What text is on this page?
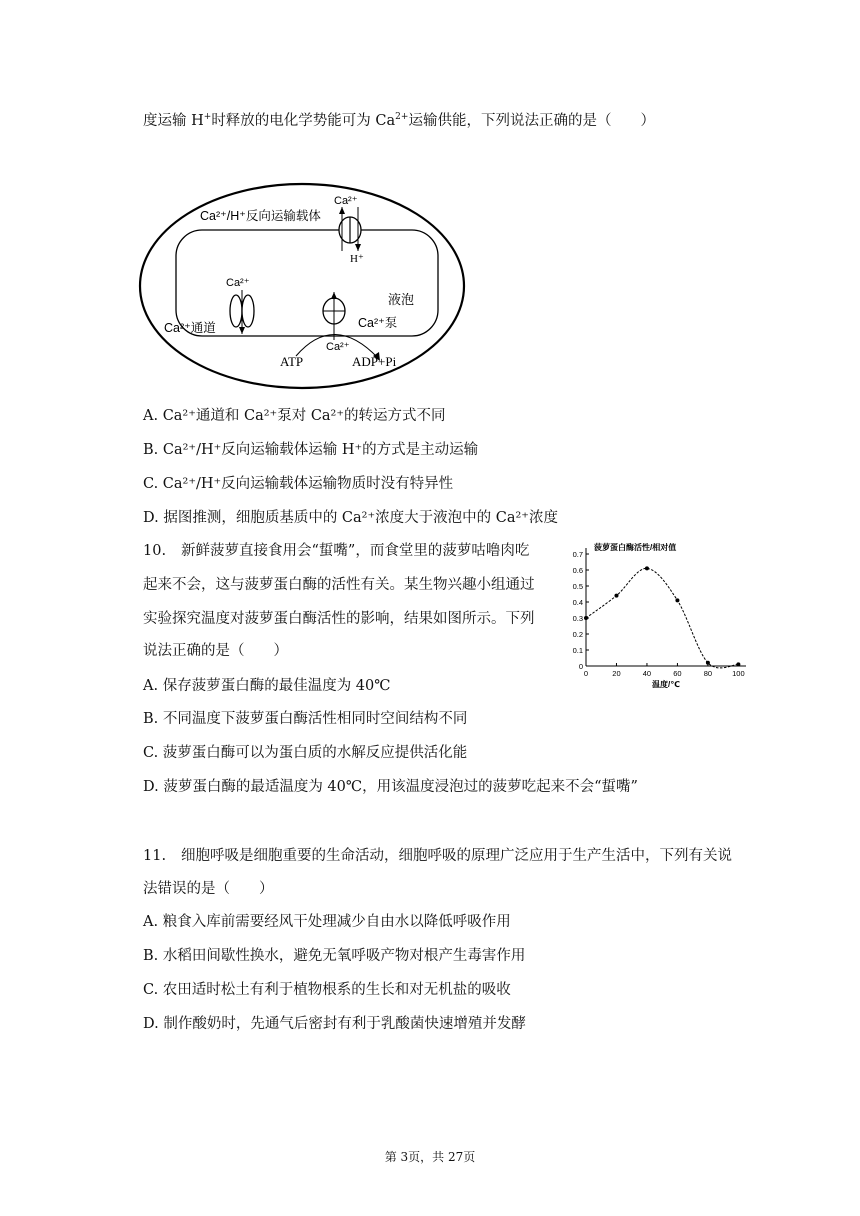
度运输 H+时释放的电化学势能可为 $Ca^{2+}$运输供能，下列说法正确的是（　　）
Ca²⁺
H⁺
Ca²⁺/H⁺反向运输载体
Ca²⁺
Ca²⁺通道
液泡
Ca²⁺泵
Ca²⁺
ATP	ADP+Pi
A. Ca²⁺通道和 Ca²⁺泵对 Ca²⁺的转运方式不同
B. Ca²⁺/H⁺反向运输载体运输 H⁺的方式是主动运输
C. Ca²⁺/H⁺反向运输载体运输物质时没有特异性
D. 据图推测，细胞质基质中的 Ca²⁺浓度大于液泡中的 Ca²⁺浓度
10. 新鲜菠萝直接食用会“蜇嘴”，而食堂里的菠萝咕噜肉吃
起来不会，这与菠萝蛋白酶的活性有关。某生物兴趣小组通过
实验探究温度对菠萝蛋白酶活性的影响，结果如图所示。下列
说法正确的是（　　）
A. 保存菠萝蛋白酶的最佳温度为 40℃
B. 不同温度下菠萝蛋白酶活性相同时空间结构不同
C. 菠萝蛋白酶可以为蛋白质的水解反应提供活化能
D. 菠萝蛋白酶的最适温度为 40℃，用该温度浸泡过的菠萝吃起来不会“蜇嘴”
0
0.1
0.2
0.3
0.4
0.5
0.6
0.7
0	20	40	60	80	100
菠萝蛋白酶活性/相对值
温度/℃
11. 细胞呼吸是细胞重要的生命活动，细胞呼吸的原理广泛应用于生产生活中，下列有关说
法错误的是（　　）
A. 粮食入库前需要经风干处理减少自由水以降低呼吸作用
B. 水稻田间歇性换水，避免无氧呼吸产物对根产生毒害作用
C. 农田适时松土有利于植物根系的生长和对无机盐的吸收
D. 制作酸奶时，先通气后密封有利于乳酸菌快速增殖并发酵
第 3页，共 27页
